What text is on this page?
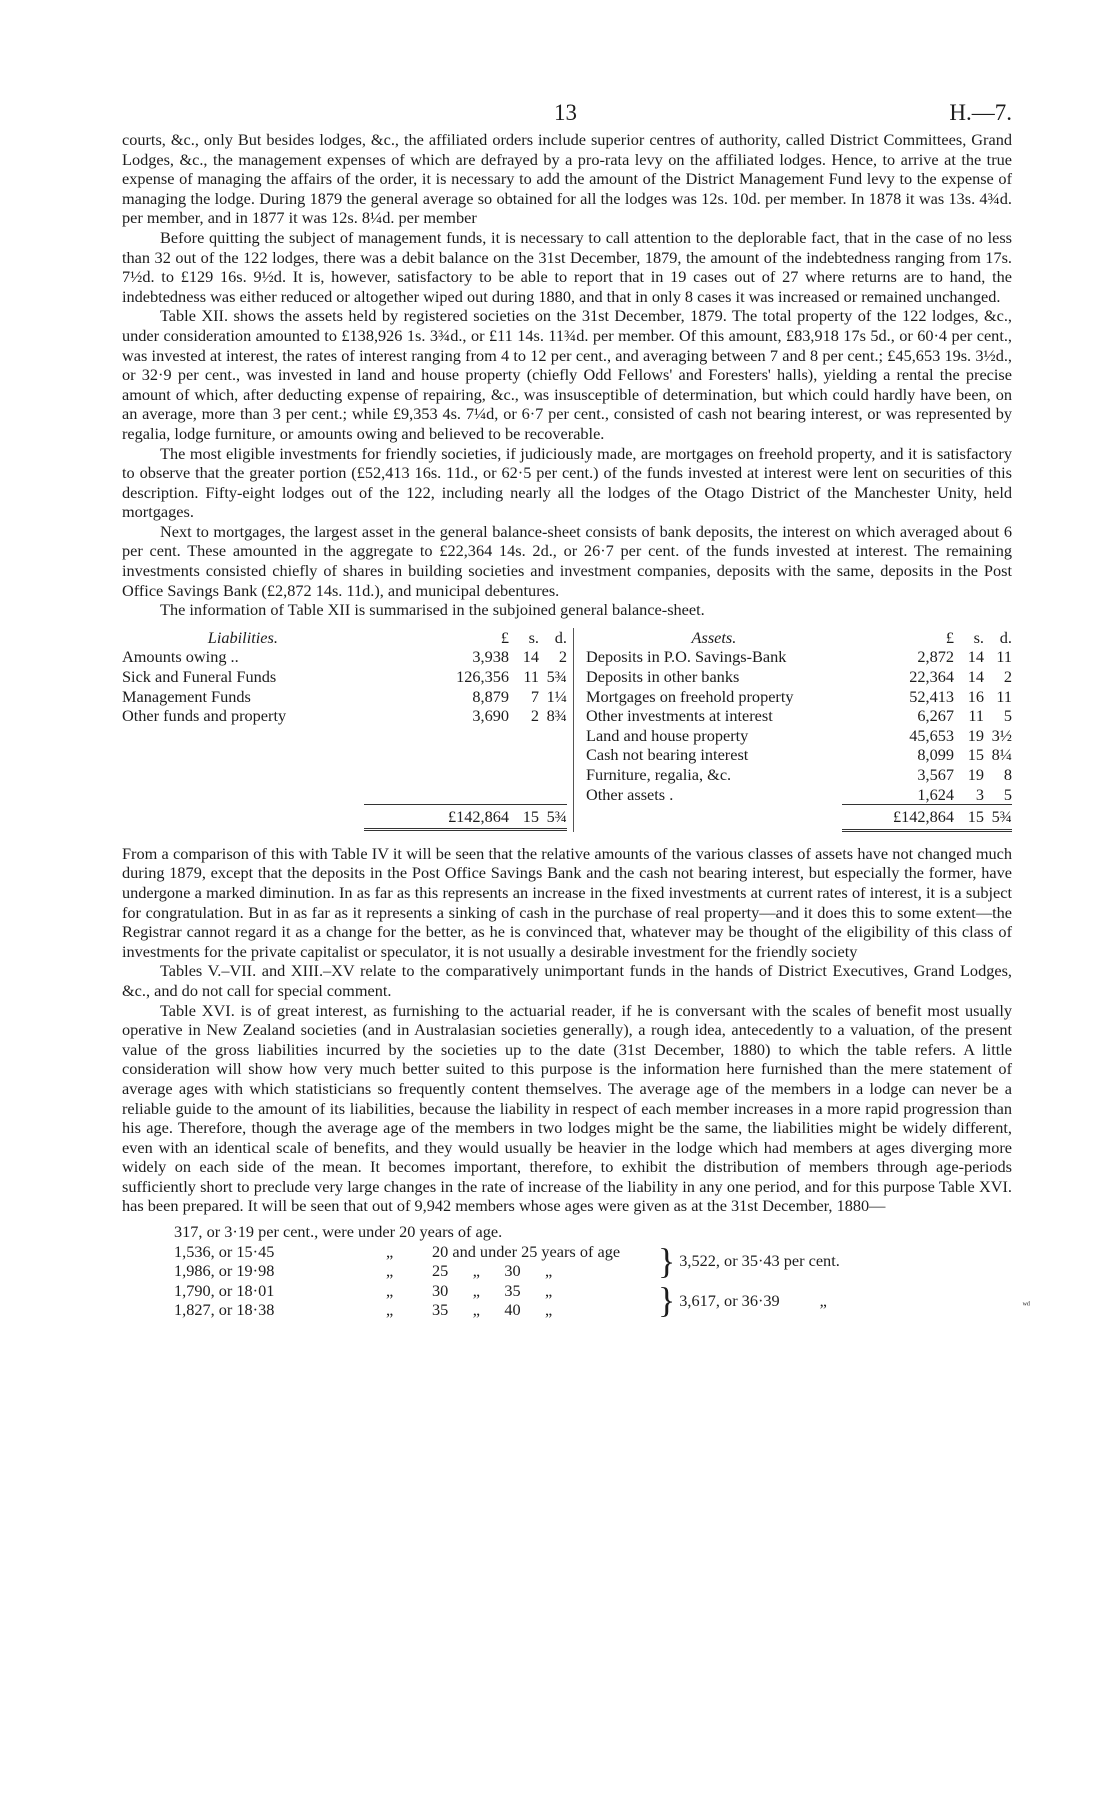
13	H.—7.

courts, &c., only But besides lodges, &c., the affiliated orders include superior centres of authority, called District Committees, Grand Lodges, &c., the management expenses of which are defrayed by a pro-rata levy on the affiliated lodges. Hence, to arrive at the true expense of managing the affairs of the order, it is necessary to add the amount of the District Management Fund levy to the expense of managing the lodge. During 1879 the general average so obtained for all the lodges was 12s. 10d. per member. In 1878 it was 13s. 4¾d. per member, and in 1877 it was 12s. 8¼d. per member

Before quitting the subject of management funds, it is necessary to call attention to the deplorable fact, that in the case of no less than 32 out of the 122 lodges, there was a debit balance on the 31st December, 1879, the amount of the indebtedness ranging from 17s. 7½d. to £129 16s. 9½d. It is, however, satisfactory to be able to report that in 19 cases out of 27 where returns are to hand, the indebtedness was either reduced or altogether wiped out during 1880, and that in only 8 cases it was increased or remained unchanged.

Table XII. shows the assets held by registered societies on the 31st December, 1879. The total property of the 122 lodges, &c., under consideration amounted to £138,926 1s. 3¾d., or £11 14s. 11¾d. per member. Of this amount, £83,918 17s 5d., or 60·4 per cent., was invested at interest, the rates of interest ranging from 4 to 12 per cent., and averaging between 7 and 8 per cent.; £45,653 19s. 3½d., or 32·9 per cent., was invested in land and house property (chiefly Odd Fellows' and Foresters' halls), yielding a rental the precise amount of which, after deducting expense of repairing, &c., was insusceptible of determination, but which could hardly have been, on an average, more than 3 per cent.; while £9,353 4s. 7¼d, or 6·7 per cent., consisted of cash not bearing interest, or was represented by regalia, lodge furniture, or amounts owing and believed to be recoverable.

The most eligible investments for friendly societies, if judiciously made, are mortgages on freehold property, and it is satisfactory to observe that the greater portion (£52,413 16s. 11d., or 62·5 per cent.) of the funds invested at interest were lent on securities of this description. Fifty-eight lodges out of the 122, including nearly all the lodges of the Otago District of the Manchester Unity, held mortgages.

Next to mortgages, the largest asset in the general balance-sheet consists of bank deposits, the interest on which averaged about 6 per cent. These amounted in the aggregate to £22,364 14s. 2d., or 26·7 per cent. of the funds invested at interest. The remaining investments consisted chiefly of shares in building societies and investment companies, deposits with the same, deposits in the Post Office Savings Bank (£2,872 14s. 11d.), and municipal debentures.

The information of Table XII is summarised in the subjoined general balance-sheet.

Liabilities.	£ s. d.
Amounts owing ..	3,938 14 2
Sick and Funeral Funds	126,356 11 5¾
Management Funds	8,879 7 1¼
Other funds and property	3,690 2 8¾

	£142,864 15 5¾
Assets.	£ s. d.
Deposits in P.O. Savings-Bank	2,872 14 11
Deposits in other banks	22,364 14 2
Mortgages on freehold property	52,413 16 11
Other investments at interest	6,267 11 5
Land and house property	45,653 19 3½
Cash not bearing interest	8,099 15 8¼
Furniture, regalia, &c.	3,567 19 8
Other assets .	1,624 3 5
	£142,864 15 5¾

From a comparison of this with Table IV it will be seen that the relative amounts of the various classes of assets have not changed much during 1879, except that the deposits in the Post Office Savings Bank and the cash not bearing interest, but especially the former, have undergone a marked diminution. In as far as this represents an increase in the fixed investments at current rates of interest, it is a subject for congratulation. But in as far as it represents a sinking of cash in the purchase of real property—and it does this to some extent—the Registrar cannot regard it as a change for the better, as he is convinced that, whatever may be thought of the eligibility of this class of investments for the private capitalist or speculator, it is not usually a desirable investment for the friendly society

Tables V.–VII. and XIII.–XV relate to the comparatively unimportant funds in the hands of District Executives, Grand Lodges, &c., and do not call for special comment.

Table XVI. is of great interest, as furnishing to the actuarial reader, if he is conversant with the scales of benefit most usually operative in New Zealand societies (and in Australasian societies generally), a rough idea, antecedently to a valuation, of the present value of the gross liabilities incurred by the societies up to the date (31st December, 1880) to which the table refers. A little consideration will show how very much better suited to this purpose is the information here furnished than the mere statement of average ages with which statisticians so frequently content themselves. The average age of the members in a lodge can never be a reliable guide to the amount of its liabilities, because the liability in respect of each member increases in a more rapid progression than his age. Therefore, though the average age of the members in two lodges might be the same, the liabilities might be widely different, even with an identical scale of benefits, and they would usually be heavier in the lodge which had members at ages diverging more widely on each side of the mean. It becomes important, therefore, to exhibit the distribution of members through age-periods sufficiently short to preclude very large changes in the rate of increase of the liability in any one period, and for this purpose Table XVI. has been prepared. It will be seen that out of 9,942 members whose ages were given as at the 31st December, 1880—

ʷᵈ
317, or 3·19 per cent., were under 20 years of age.
1,536, or 15·45	„	20 and under 25 years of age
1,986, or 19·98	„	25      „      30      „	} 3,522, or 35·43 per cent.
1,790, or 18·01	„	30      „      35      „
1,827, or 18·38	„	35      „      40      „	} 3,617, or 36·39 „
